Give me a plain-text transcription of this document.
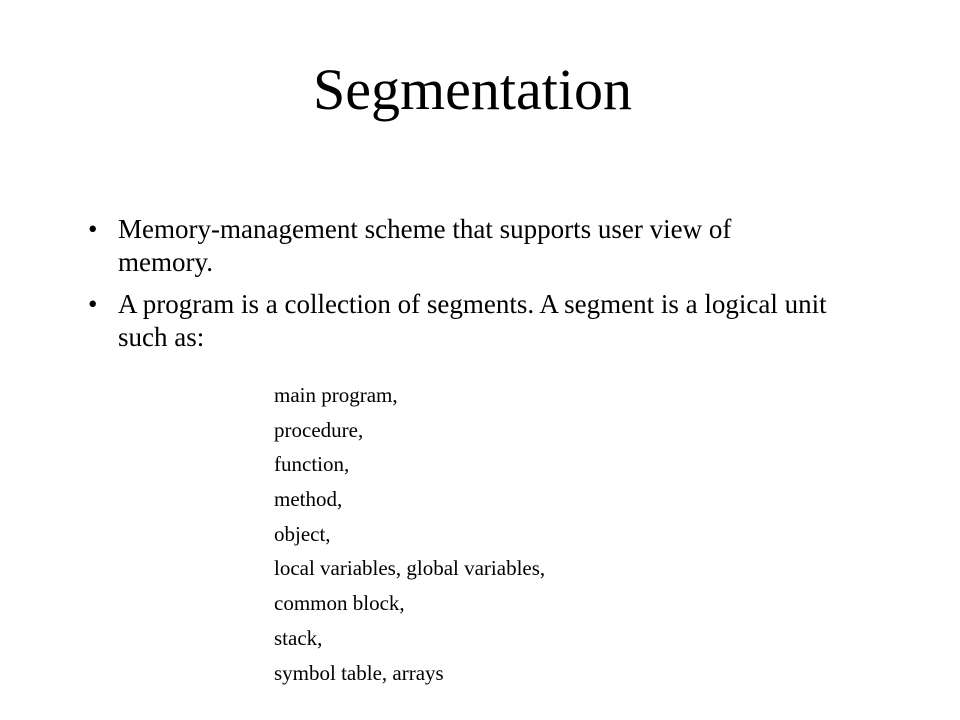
Segmentation
• Memory-management scheme that supports user view of memory.
• A program is a collection of segments. A segment is a logical unit such as:
main program,
procedure,
function,
method,
object,
local variables, global variables,
common block,
stack,
symbol table, arrays
